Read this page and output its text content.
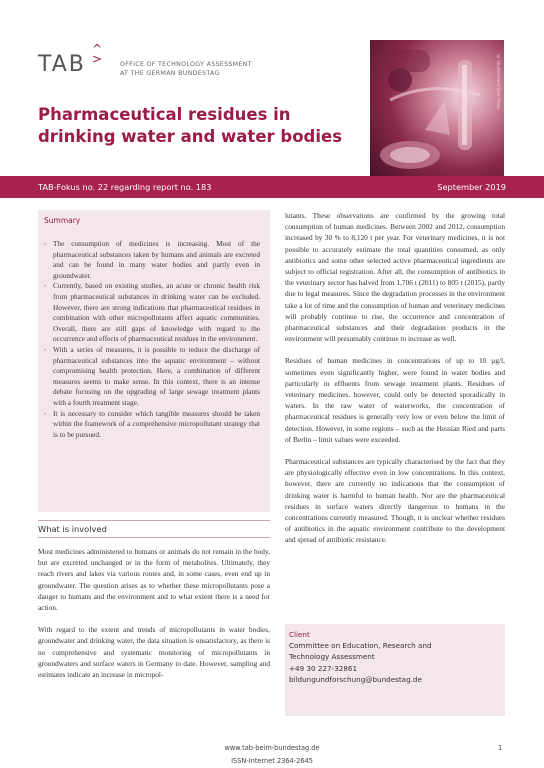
TAB
^ >	OFFICE OF TECHNOLOGY ASSESSMENT
AT THE GERMAN BUNDESTAG
Pharmaceutical residues in drinking water and water bodies
© Shutterstock/Tyler Olson
TAB-Fokus no. 22 regarding report no. 183	September 2019
Summary
› The consumption of medicines is increasing. Most of the pharmaceutical substances taken by humans and animals are excreted and can be found in many water bodies and partly even in groundwater.
› Currently, based on existing studies, an acute or chronic health risk from pharmaceutical substances in drinking water can be excluded. However, there are strong indications that pharmaceutical residues in combination with other micropollutants affect aquatic communities. Overall, there are still gaps of knowledge with regard to the occurrence and effects of pharmaceutical residues in the environment.
› With a series of measures, it is possible to reduce the discharge of pharmaceutical substances into the aquatic environment – without compromising health protection. Here, a combination of different measures seems to make sense. In this context, there is an intense debate focusing on the upgrading of large sewage treatment plants with a fourth treatment stage.
› It is necessary to consider which tangible measures should be taken within the framework of a comprehensive micropollutant strategy that is to be pursued.
What is involved

Most medicines administered to humans or animals do not remain in the body, but are excreted unchanged or in the form of metabolites. Ultimately, they reach rivers and lakes via various routes and, in some cases, even end up in groundwater. The question arises as to whether these micropollutants pose a danger to humans and the environment and to what extent there is a need for action.

With regard to the extent and trends of micropollutants in water bodies, groundwater and drinking water, the data situation is unsatisfactory, as there is no comprehensive and systematic monitoring of micropollutants in groundwaters and surface waters in Germany to date. However, sampling and estimates indicate an increase in micropol-

lutants. These observations are confirmed by the growing total consumption of human medicines. Between 2002 and 2012, consumption increased by 30 % to 8,120 t per year. For veterinary medicines, it is not possible to accurately estimate the total quantities consumed, as only antibiotics and some other selected active pharmaceutical ingredients are subject to official registration. After all, the consumption of antibiotics in the veterinary sector has halved from 1,706 t (2011) to 805 t (2015), partly due to legal measures. Since the degradation processes in the environment take a lot of time and the consumption of human and veterinary medicines will probably continue to rise, the occurrence and concentration of pharmaceutical substances and their degradation products in the environment will presumably continue to increase as well.

Residues of human medicines in concentrations of up to 10 µg/l, sometimes even significantly higher, were found in water bodies and particularly in effluents from sewage treatment plants. Residues of veterinary medicines, however, could only be detected sporadically in waters. In the raw water of waterworks, the concentration of pharmaceutical residues is generally very low or even below the limit of detection. However, in some regions – such as the Hessian Ried and parts of Berlin – limit values were exceeded.

Pharmaceutical substances are typically characterised by the fact that they are physiologically effective even in low concentrations. In this context, however, there are currently no indications that the consumption of drinking water is harmful to human health. Nor are the pharmaceutical residues in surface waters directly dangerous to humans in the concentrations currently measured. Though, it is unclear whether residues of antibiotics in the aquatic environment contribute to the development and spread of antibiotic resistance.

Client
Committee on Education, Research and
Technology Assessment
+49 30 227-32861
bildungundforschung@bundestag.de
www.tab-beim-bundestag.de
ISSN-Internet 2364-2645
1
